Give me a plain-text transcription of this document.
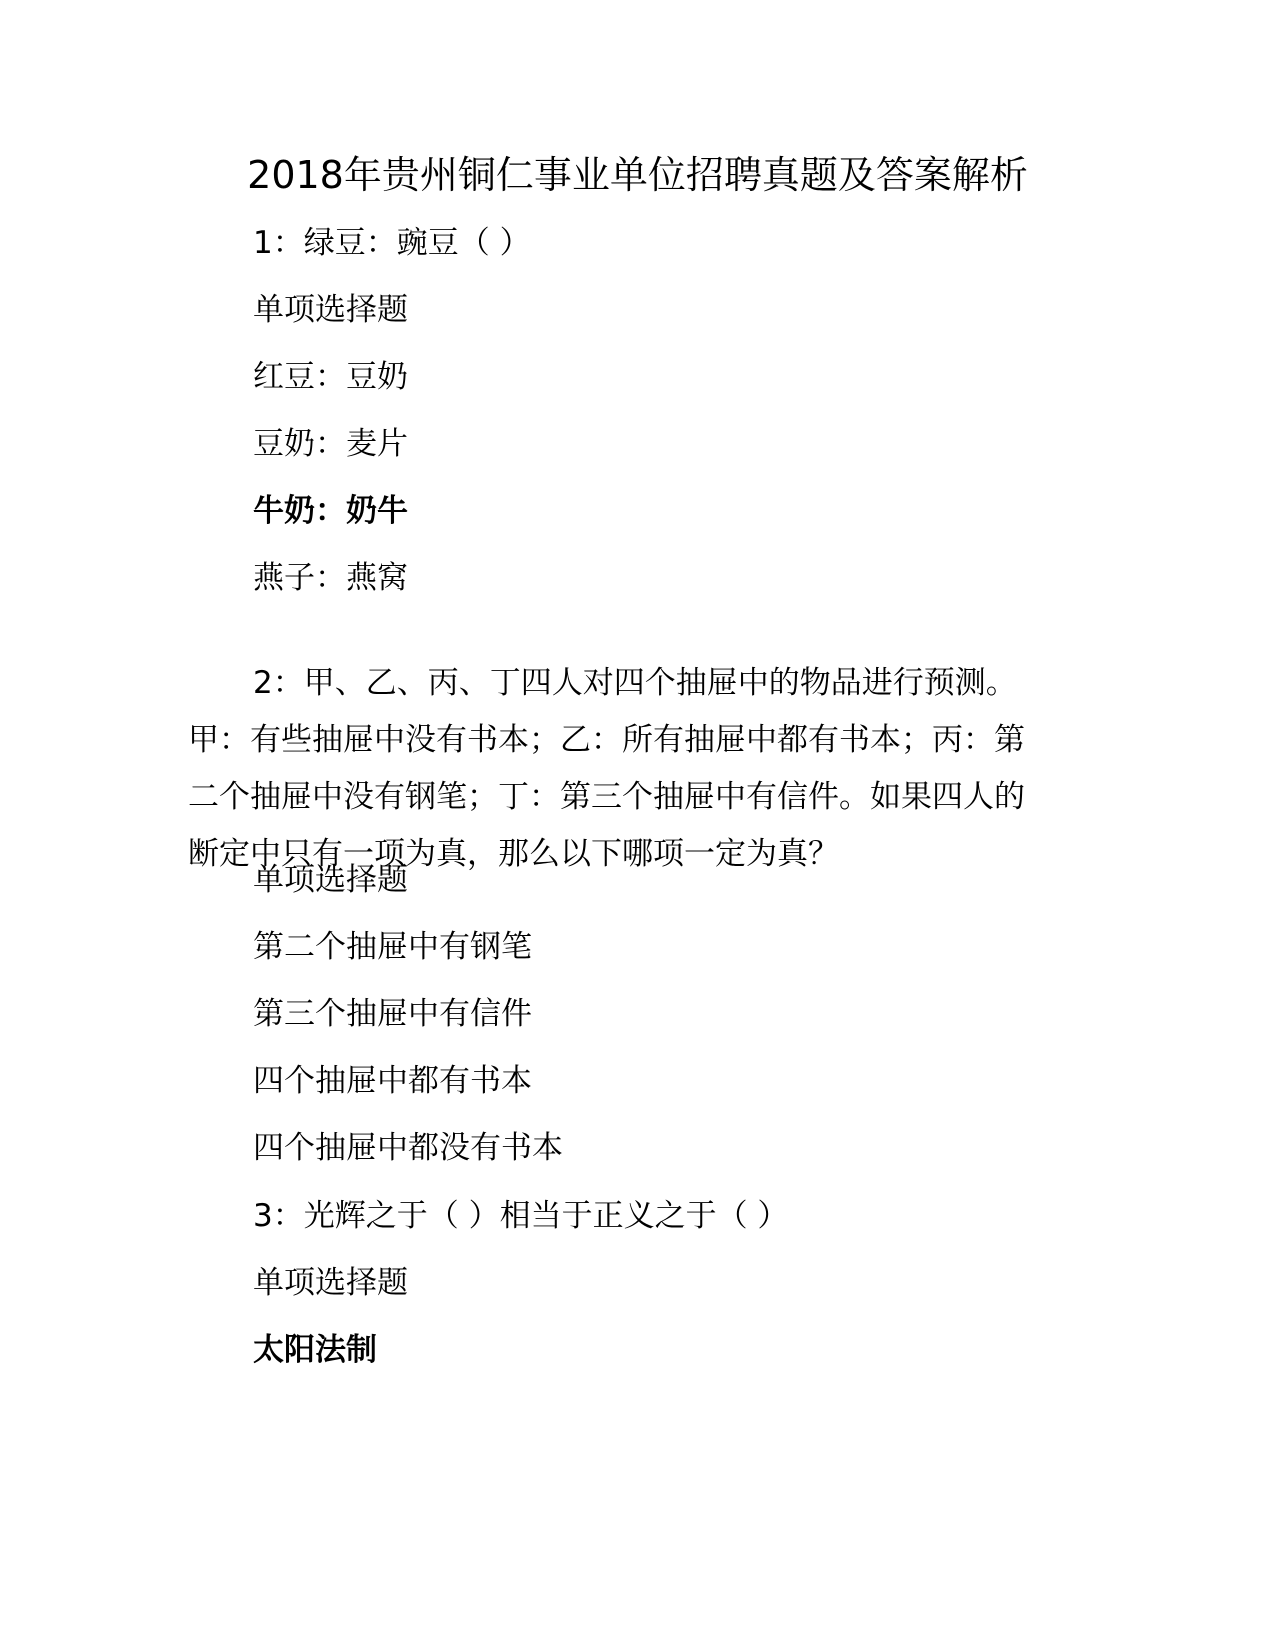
2018年贵州铜仁事业单位招聘真题及答案解析
1：绿豆：豌豆（ ）
单项选择题
红豆：豆奶
豆奶：麦片
牛奶：奶牛
燕子：燕窝
2：甲、乙、丙、丁四人对四个抽屉中的物品进行预测。
甲：有些抽屉中没有书本；乙：所有抽屉中都有书本；丙：第
二个抽屉中没有钢笔；丁：第三个抽屉中有信件。如果四人的
断定中只有一项为真，那么以下哪项一定为真？
单项选择题
第二个抽屉中有钢笔
第三个抽屉中有信件
四个抽屉中都有书本
四个抽屉中都没有书本
3：光辉之于（ ）相当于正义之于（ ）
单项选择题
太阳法制
